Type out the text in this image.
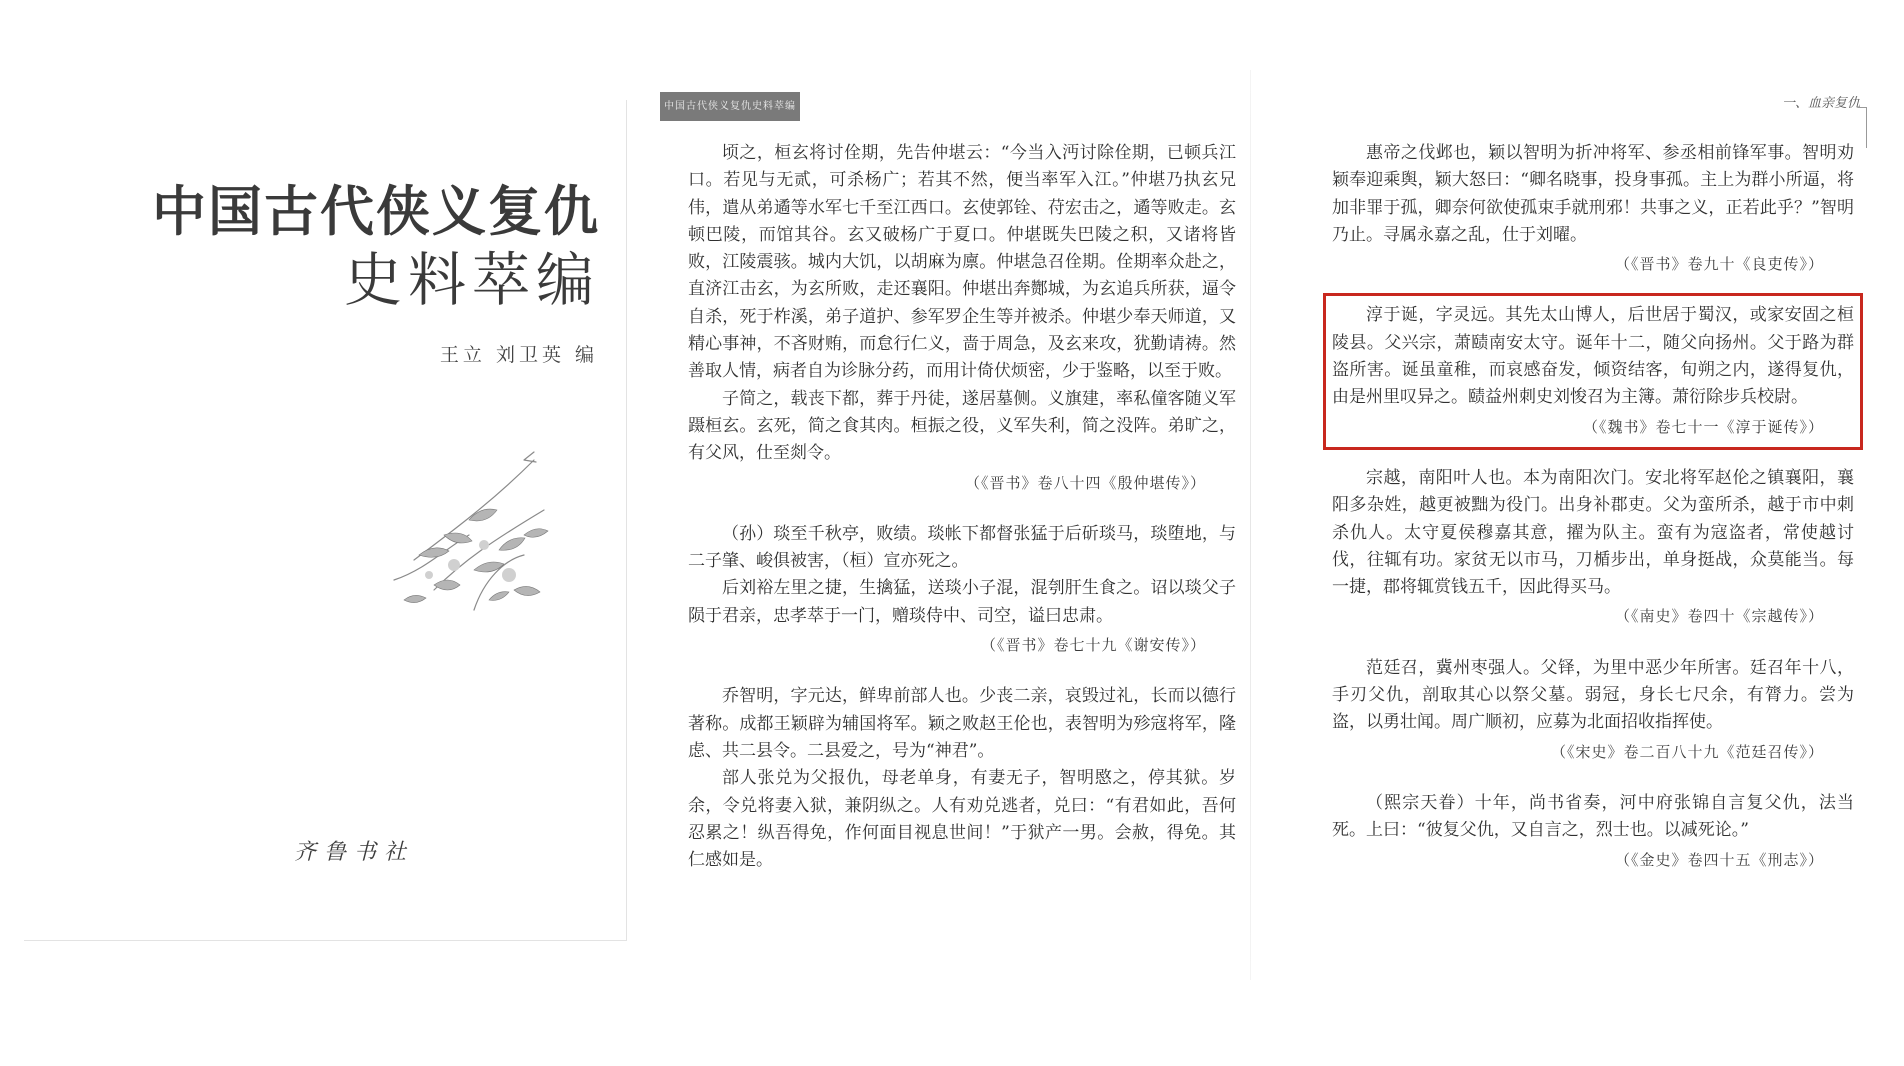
中国古代侠义复仇
史料萃编
王立 刘卫英 编
齐鲁书社
中国古代侠义复仇史料萃编

顷之，桓玄将讨佺期，先告仲堪云：“今当入沔讨除佺期，已顿兵江口。若见与无贰，可杀杨广；若其不然，便当率军入江。”仲堪乃执玄兄伟，遣从弟遹等水军七千至江西口。玄使郭铨、苻宏击之，遹等败走。玄顿巴陵，而馆其谷。玄又破杨广于夏口。仲堪既失巴陵之积，又诸将皆败，江陵震骇。城内大饥，以胡麻为廪。仲堪急召佺期。佺期率众赴之，直济江击玄，为玄所败，走还襄阳。仲堪出奔酂城，为玄追兵所获，逼令自杀，死于柞溪，弟子道护、参军罗企生等并被杀。仲堪少奉天师道，又精心事神，不吝财贿，而怠行仁义，啬于周急，及玄来攻，犹勤请祷。然善取人情，病者自为诊脉分药，而用计倚伏烦密，少于鉴略，以至于败。

子简之，载丧下都，葬于丹徒，遂居墓侧。义旗建，率私僮客随义军蹑桓玄。玄死，简之食其肉。桓振之役，义军失利，简之没阵。弟旷之，有父风，仕至剡令。

（《晋书》卷八十四《殷仲堪传》）

（孙）琰至千秋亭，败绩。琰帐下都督张猛于后斫琰马，琰堕地，与二子肇、峻俱被害，（桓）宣亦死之。

后刘裕左里之捷，生擒猛，送琰小子混，混刳肝生食之。诏以琰父子陨于君亲，忠孝萃于一门，赠琰侍中、司空，谥曰忠肃。

（《晋书》卷七十九《谢安传》）

乔智明，字元达，鲜卑前部人也。少丧二亲，哀毁过礼，长而以德行著称。成都王颖辟为辅国将军。颖之败赵王伦也，表智明为殄寇将军，隆虑、共二县令。二县爱之，号为“神君”。

部人张兑为父报仇，母老单身，有妻无子，智明愍之，停其狱。岁余，令兑将妻入狱，兼阴纵之。人有劝兑逃者，兑曰：“有君如此，吾何忍累之！纵吾得免，作何面目视息世间！”于狱产一男。会赦，得免。其仁感如是。

一、血亲复仇

惠帝之伐邺也，颖以智明为折冲将军、参丞相前锋军事。智明劝颖奉迎乘舆，颖大怒曰：“卿名晓事，投身事孤。主上为群小所逼，将加非罪于孤，卿奈何欲使孤束手就刑邪！共事之义，正若此乎？”智明乃止。寻属永嘉之乱，仕于刘曜。

（《晋书》卷九十《良吏传》）

淳于诞，字灵远。其先太山博人，后世居于蜀汉，或家安固之桓陵县。父兴宗，萧赜南安太守。诞年十二，随父向扬州。父于路为群盗所害。诞虽童稚，而哀感奋发，倾资结客，旬朔之内，遂得复仇，由是州里叹异之。赜益州刺史刘悛召为主簿。萧衍除步兵校尉。

（《魏书》卷七十一《淳于诞传》）

宗越，南阳叶人也。本为南阳次门。安北将军赵伦之镇襄阳，襄阳多杂姓，越更被黜为役门。出身补郡吏。父为蛮所杀，越于市中刺杀仇人。太守夏侯穆嘉其意，擢为队主。蛮有为寇盗者，常使越讨伐，往辄有功。家贫无以市马，刀楯步出，单身挺战，众莫能当。每一捷，郡将辄赏钱五千，因此得买马。

（《南史》卷四十《宗越传》）

范廷召，冀州枣强人。父铎，为里中恶少年所害。廷召年十八，手刃父仇，剖取其心以祭父墓。弱冠，身长七尺余，有膂力。尝为盗，以勇壮闻。周广顺初，应募为北面招收指挥使。

（《宋史》卷二百八十九《范廷召传》）

（熙宗天眷）十年，尚书省奏，河中府张锦自言复父仇，法当死。上曰：“彼复父仇，又自言之，烈士也。以减死论。”

（《金史》卷四十五《刑志》）
